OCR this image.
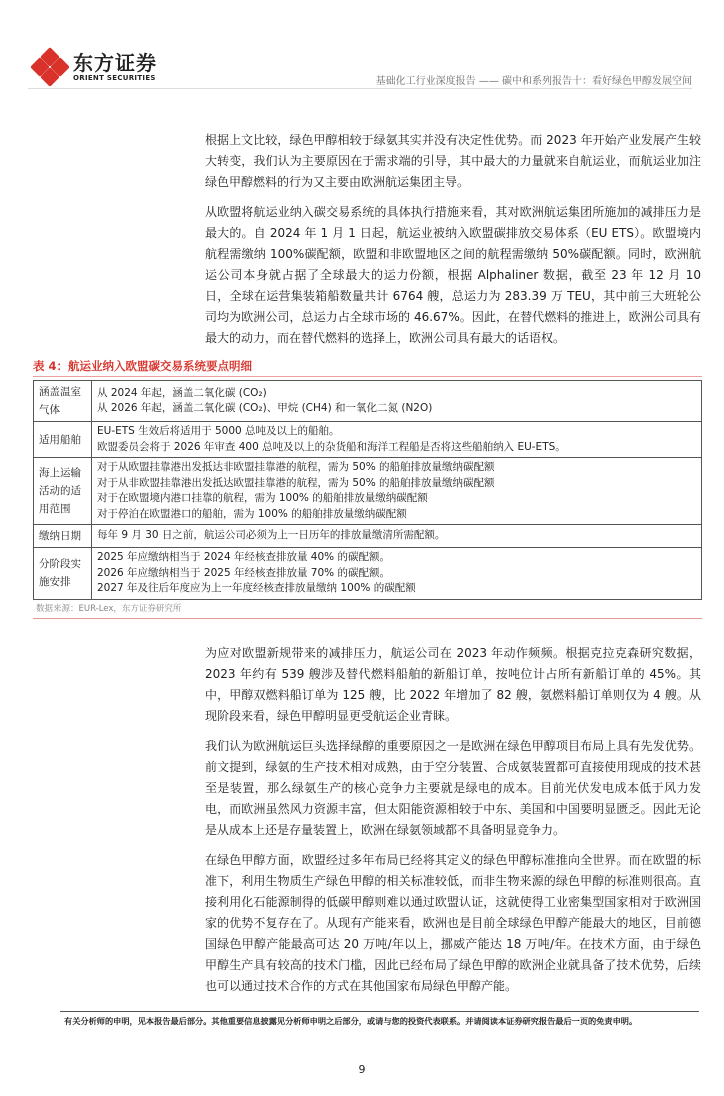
东方证券
ORIENT SECURITIES	基础化工行业深度报告 —— 碳中和系列报告十：看好绿色甲醇发展空间

根据上文比较，绿色甲醇相较于绿氨其实并没有决定性优势。而 2023 年开始产业发展产生较大转变，我们认为主要原因在于需求端的引导，其中最大的力量就来自航运业，而航运业加注绿色甲醇燃料的行为又主要由欧洲航运集团主导。

从欧盟将航运业纳入碳交易系统的具体执行措施来看，其对欧洲航运集团所施加的减排压力是最大的。自 2024 年 1 月 1 日起，航运业被纳入欧盟碳排放交易体系（EU ETS）。欧盟境内航程需缴纳 100%碳配额，欧盟和非欧盟地区之间的航程需缴纳 50%碳配额。同时，欧洲航运公司本身就占据了全球最大的运力份额，根据 Alphaliner 数据，截至 23 年 12 月 10 日，全球在运营集装箱船数量共计 6764 艘，总运力为 283.39 万 TEU，其中前三大班轮公司均为欧洲公司，总运力占全球市场的 46.67%。因此，在替代燃料的推进上，欧洲公司具有最大的动力，而在替代燃料的选择上，欧洲公司具有最大的话语权。

表 4：航运业纳入欧盟碳交易系统要点明细
涵盖温室气体	从 2024 年起，涵盖二氧化碳 (CO₂)
从 2026 年起，涵盖二氧化碳 (CO₂)、甲烷 (CH4) 和一氧化二氮 (N2O)

适用船舶	EU-ETS 生效后将适用于 5000 总吨及以上的船舶。
欧盟委员会将于 2026 年审查 400 总吨及以上的杂货船和海洋工程船是否将这些船舶纳入 EU-ETS。

海上运输活动的适用范围	对于从欧盟挂靠港出发抵达非欧盟挂靠港的航程，需为 50% 的船舶排放量缴纳碳配额
对于从非欧盟挂靠港出发抵达欧盟挂靠港的航程，需为 50% 的船舶排放量缴纳碳配额
对于在欧盟境内港口挂靠的航程，需为 100% 的船舶排放量缴纳碳配额
对于停泊在欧盟港口的船舶，需为 100% 的船舶排放量缴纳碳配额

缴纳日期	每年 9 月 30 日之前，航运公司必须为上一日历年的排放量缴清所需配额。

分阶段实施安排	2025 年应缴纳相当于 2024 年经核查排放量 40% 的碳配额。
2026 年应缴纳相当于 2025 年经核查排放量 70% 的碳配额。
2027 年及往后年度应为上一年度经核查排放量缴纳 100% 的碳配额
数据来源：EUR-Lex，东方证券研究所

为应对欧盟新规带来的减排压力，航运公司在 2023 年动作频频。根据克拉克森研究数据，2023 年约有 539 艘涉及替代燃料船舶的新船订单，按吨位计占所有新船订单的 45%。其中，甲醇双燃料船订单为 125 艘，比 2022 年增加了 82 艘，氨燃料船订单则仅为 4 艘。从现阶段来看，绿色甲醇明显更受航运企业青睐。

我们认为欧洲航运巨头选择绿醇的重要原因之一是欧洲在绿色甲醇项目布局上具有先发优势。前文提到，绿氨的生产技术相对成熟，由于空分装置、合成氨装置都可直接使用现成的技术甚至是装置，那么绿氨生产的核心竞争力主要就是绿电的成本。目前光伏发电成本低于风力发电，而欧洲虽然风力资源丰富，但太阳能资源相较于中东、美国和中国要明显匮乏。因此无论是从成本上还是存量装置上，欧洲在绿氨领域都不具备明显竞争力。

在绿色甲醇方面，欧盟经过多年布局已经将其定义的绿色甲醇标准推向全世界。而在欧盟的标准下，利用生物质生产绿色甲醇的相关标准较低，而非生物来源的绿色甲醇的标准则很高。直接利用化石能源制得的低碳甲醇则难以通过欧盟认证，这就使得工业密集型国家相对于欧洲国家的优势不复存在了。从现有产能来看，欧洲也是目前全球绿色甲醇产能最大的地区，目前德国绿色甲醇产能最高可达 20 万吨/年以上，挪威产能达 18 万吨/年。在技术方面，由于绿色甲醇生产具有较高的技术门槛，因此已经布局了绿色甲醇的欧洲企业就具备了技术优势，后续也可以通过技术合作的方式在其他国家布局绿色甲醇产能。

有关分析师的申明，见本报告最后部分。其他重要信息披露见分析师申明之后部分，或请与您的投资代表联系。并请阅读本证券研究报告最后一页的免责申明。
9
